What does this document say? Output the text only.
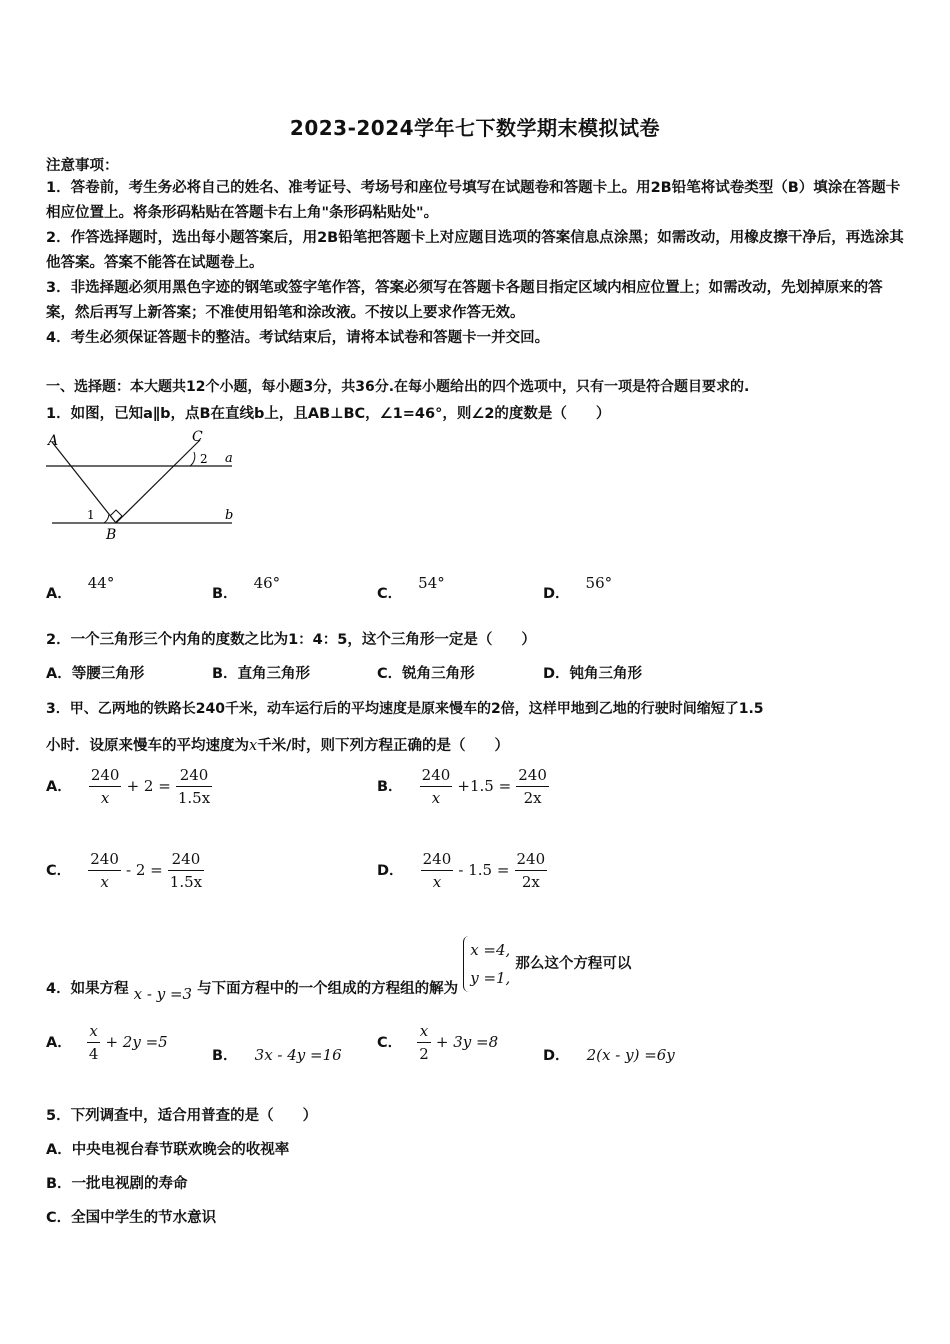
2023-2024学年七下数学期末模拟试卷
注意事项：
1．答卷前，考生务必将自己的姓名、准考证号、考场号和座位号填写在试题卷和答题卡上。用2B铅笔将试卷类型（B）填涂在答题卡相应位置上。将条形码粘贴在答题卡右上角"条形码粘贴处"。
2．作答选择题时，选出每小题答案后，用2B铅笔把答题卡上对应题目选项的答案信息点涂黑；如需改动，用橡皮擦干净后，再选涂其他答案。答案不能答在试题卷上。
3．非选择题必须用黑色字迹的钢笔或签字笔作答，答案必须写在答题卡各题目指定区域内相应位置上；如需改动，先划掉原来的答案，然后再写上新答案；不准使用铅笔和涂改液。不按以上要求作答无效。
4．考生必须保证答题卡的整洁。考试结束后，请将本试卷和答题卡一并交回。
一、选择题：本大题共12个小题，每小题3分，共36分.在每小题给出的四个选项中，只有一项是符合题目要求的.
1．如图，已知a∥b，点B在直线b上，且AB⊥BC，∠1=46°，则∠2的度数是（　　）
A	C
a
b
B
1
2
A．44°
B．46°
C．54°
D．56°
2．一个三角形三个内角的度数之比为1：4：5，这个三角形一定是（　　）
A．等腰三角形	B．直角三角形	C．锐角三角形	D．钝角三角形
3．甲、乙两地的铁路长240千米，动车运行后的平均速度是原来慢车的2倍，这样甲地到乙地的行驶时间缩短了1.5
小时．设原来慢车的平均速度为x千米/时，则下列方程正确的是（　　）
A． $\frac{240}{x} + 2 = \frac{240}{1.5x}$	B． $\frac{240}{x} +1.5 = \frac{240}{2x}$
C． $\frac{240}{x} - 2 = \frac{240}{1.5x}$	D． $\frac{240}{x} - 1.5 = \frac{240}{2x}$
4．如果方程 x - y =3 与下面方程中的一个组成的方程组的解为
x =4,
y =1,
那么这个方程可以
A． $\frac{x}{4} + 2y =5$
B． 3x - 4y =16
C． $\frac{x}{2} + 3y =8$
D． 2(x - y) =6y
5．下列调查中，适合用普查的是（　　）
A．中央电视台春节联欢晚会的收视率
B．一批电视剧的寿命
C．全国中学生的节水意识
